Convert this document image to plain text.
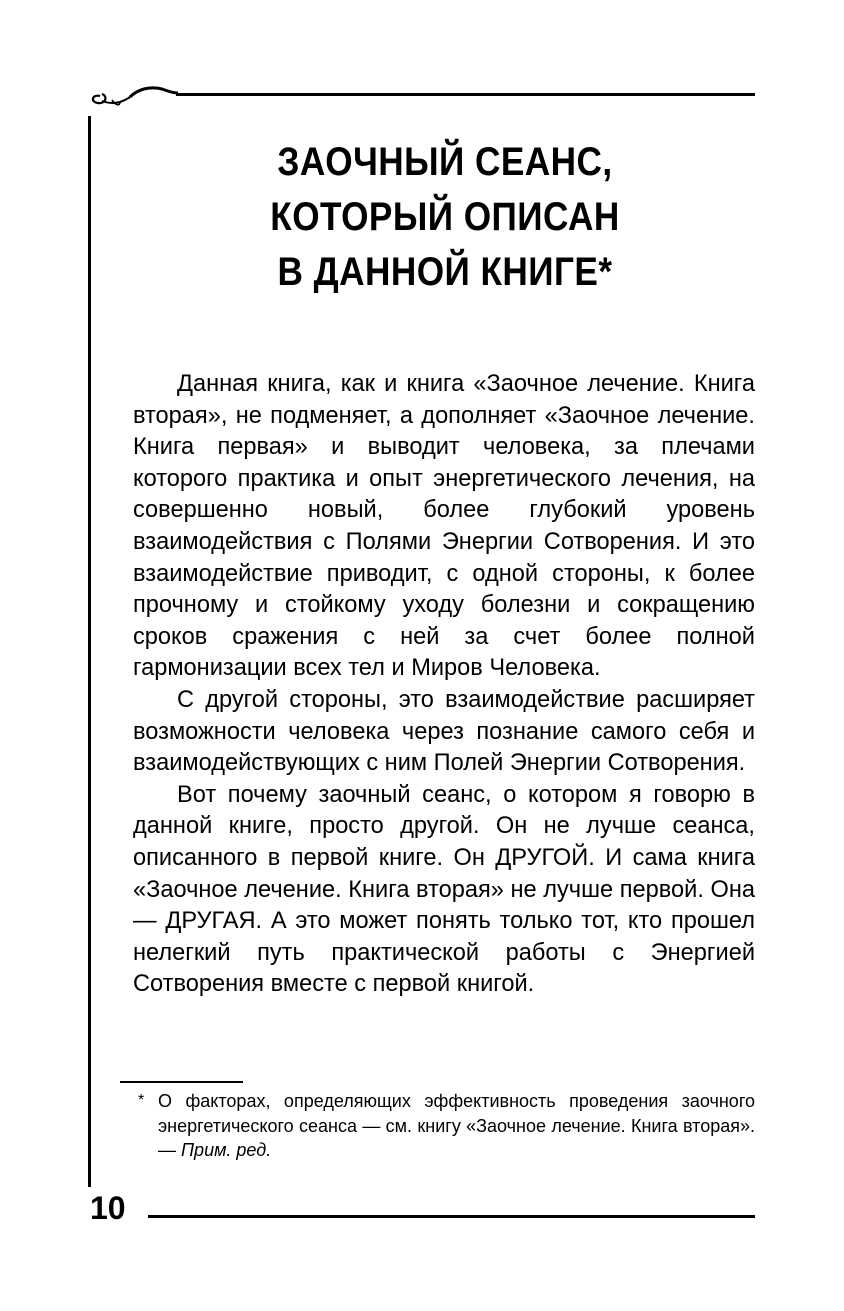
ЗАОЧНЫЙ СЕАНС,
КОТОРЫЙ ОПИСАН
В ДАННОЙ КНИГЕ*

Данная книга, как и книга «Заочное лечение. Книга вторая», не подменяет, а дополняет «Заочное лечение. Книга первая» и выводит человека, за плечами которого практика и опыт энергетического лечения, на совершенно новый, более глубокий уровень взаимодействия с Полями Энергии Сотворения. И это взаимодействие приводит, с одной стороны, к более прочному и стойкому уходу болезни и сокращению сроков сражения с ней за счет более полной гармонизации всех тел и Миров Человека.

С другой стороны, это взаимодействие расширяет возможности человека через познание самого себя и взаимодействующих с ним Полей Энергии Сотворения.

Вот почему заочный сеанс, о котором я говорю в данной книге, просто другой. Он не лучше сеанса, описанного в первой книге. Он ДРУГОЙ. И сама книга «Заочное лечение. Книга вторая» не лучше первой. Она — ДРУГАЯ. А это может понять только тот, кто прошел нелегкий путь практической работы с Энергией Сотворения вместе с первой книгой.

* О факторах, определяющих эффективность проведения заочного энергетического сеанса — см. книгу «Заочное лечение. Книга вторая». — Прим. ред.
10
